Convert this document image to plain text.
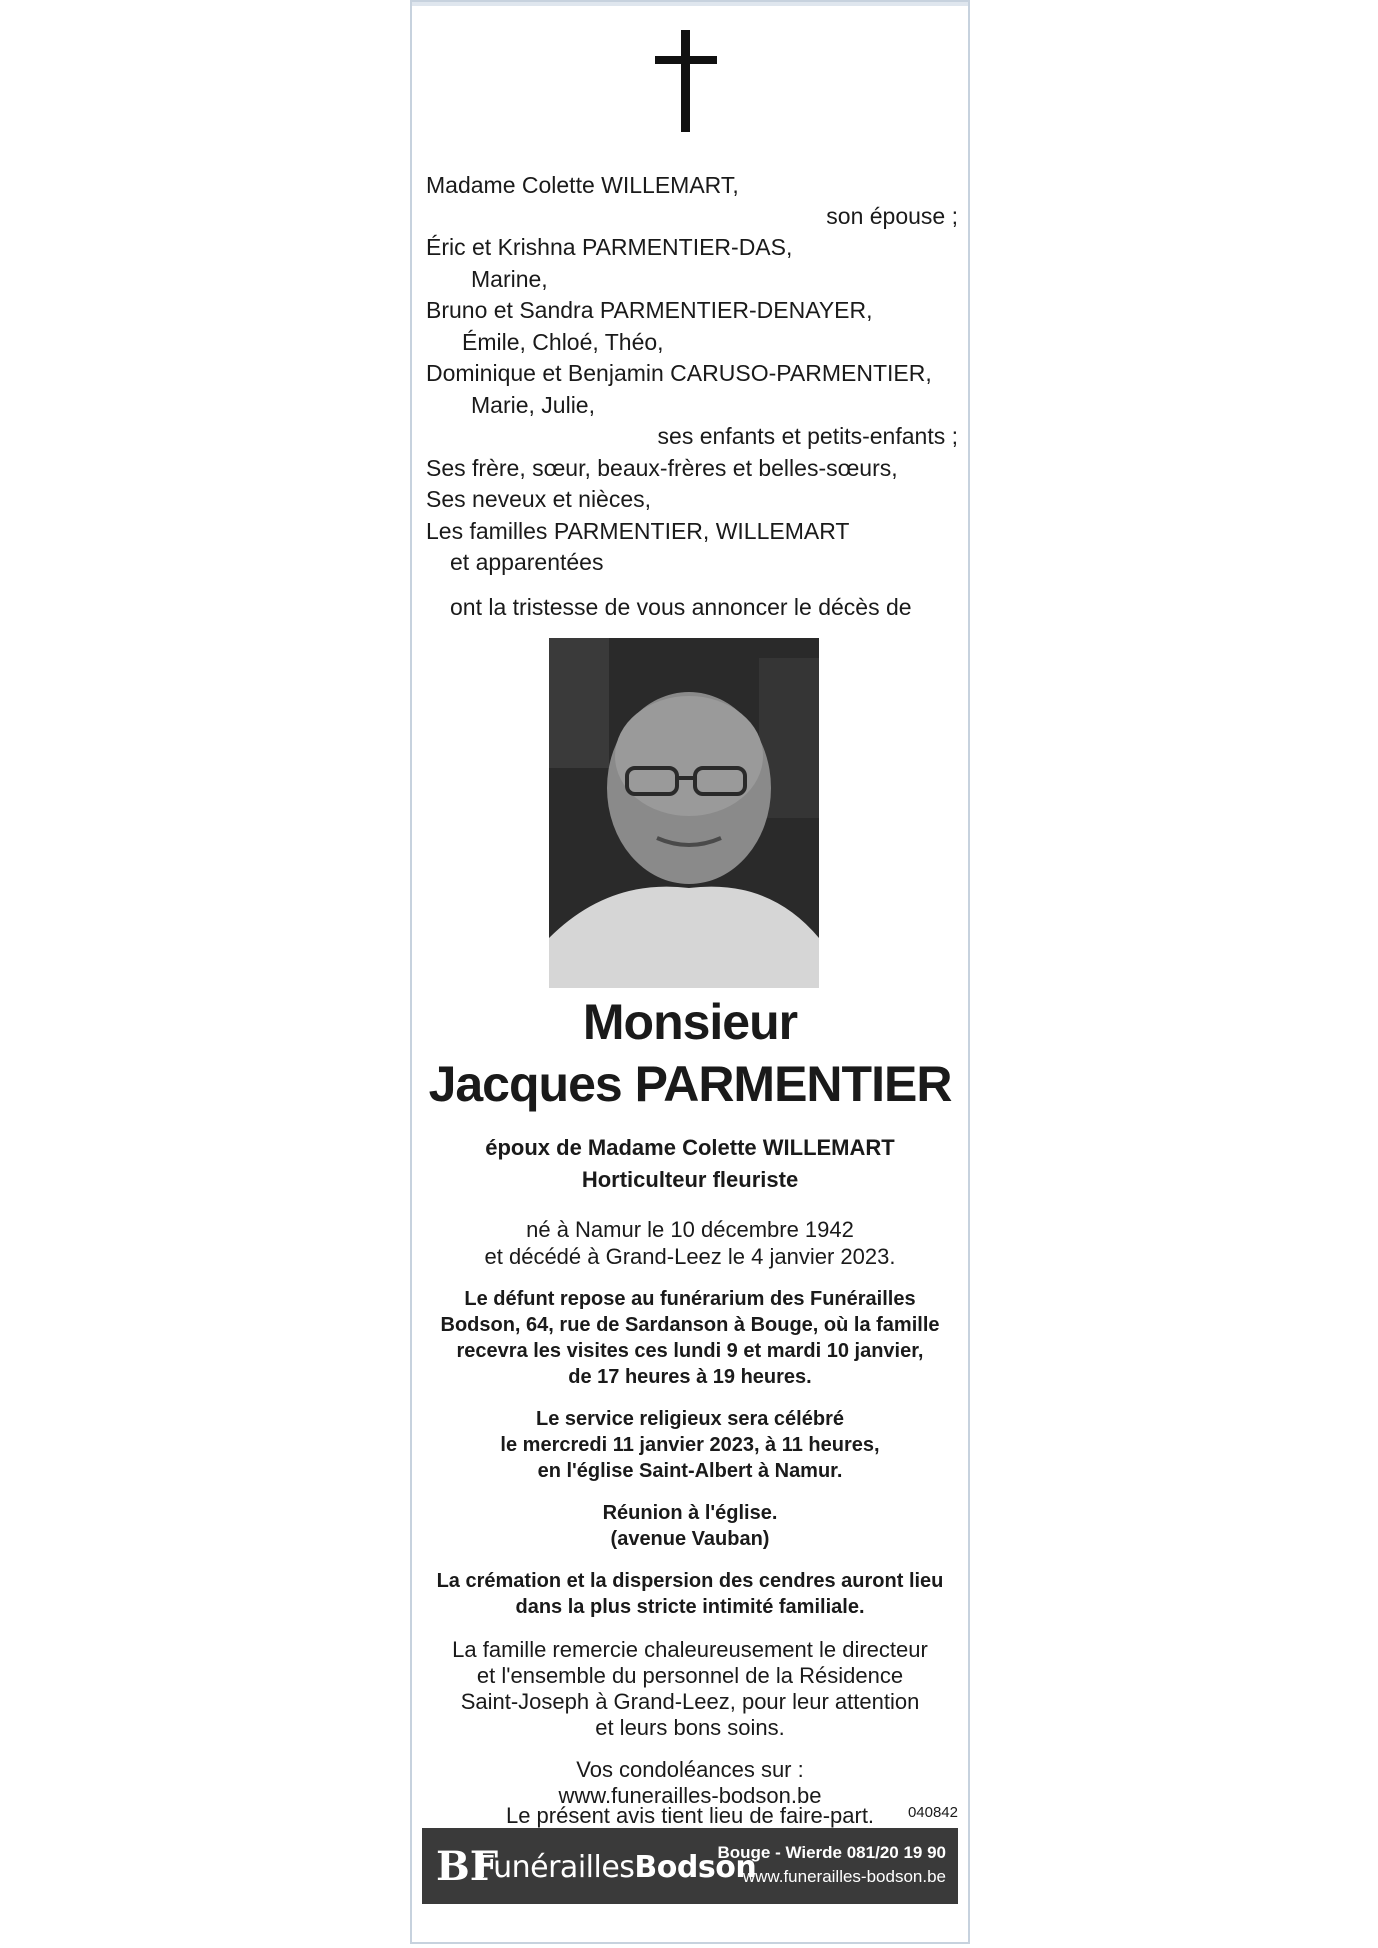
Madame Colette WILLEMART,
son épouse ;
Éric et Krishna PARMENTIER-DAS,
Marine,
Bruno et Sandra PARMENTIER-DENAYER,
Émile, Chloé, Théo,
Dominique et Benjamin CARUSO-PARMENTIER,
Marie, Julie,
ses enfants et petits-enfants ;
Ses frère, sœur, beaux-frères et belles-sœurs,
Ses neveux et nièces,
Les familles PARMENTIER, WILLEMART
et apparentées
ont la tristesse de vous annoncer le décès de
Monsieur
Jacques PARMENTIER
époux de Madame Colette WILLEMART
Horticulteur fleuriste
né à Namur le 10 décembre 1942
et décédé à Grand-Leez le 4 janvier 2023.
Le défunt repose au funérarium des Funérailles
Bodson, 64, rue de Sardanson à Bouge, où la famille
recevra les visites ces lundi 9 et mardi 10 janvier,
de 17 heures à 19 heures.
Le service religieux sera célébré
le mercredi 11 janvier 2023, à 11 heures,
en l'église Saint-Albert à Namur.
Réunion à l'église.
(avenue Vauban)
La crémation et la dispersion des cendres auront lieu
dans la plus stricte intimité familiale.
La famille remercie chaleureusement le directeur
et l'ensemble du personnel de la Résidence
Saint-Joseph à Grand-Leez, pour leur attention
et leurs bons soins.
Vos condoléances sur :
www.funerailles-bodson.be
040842
BF
FunéraillesBodson
Bouge - Wierde 081/20 19 90
www.funerailles-bodson.be
Le présent avis tient lieu de faire-part.
